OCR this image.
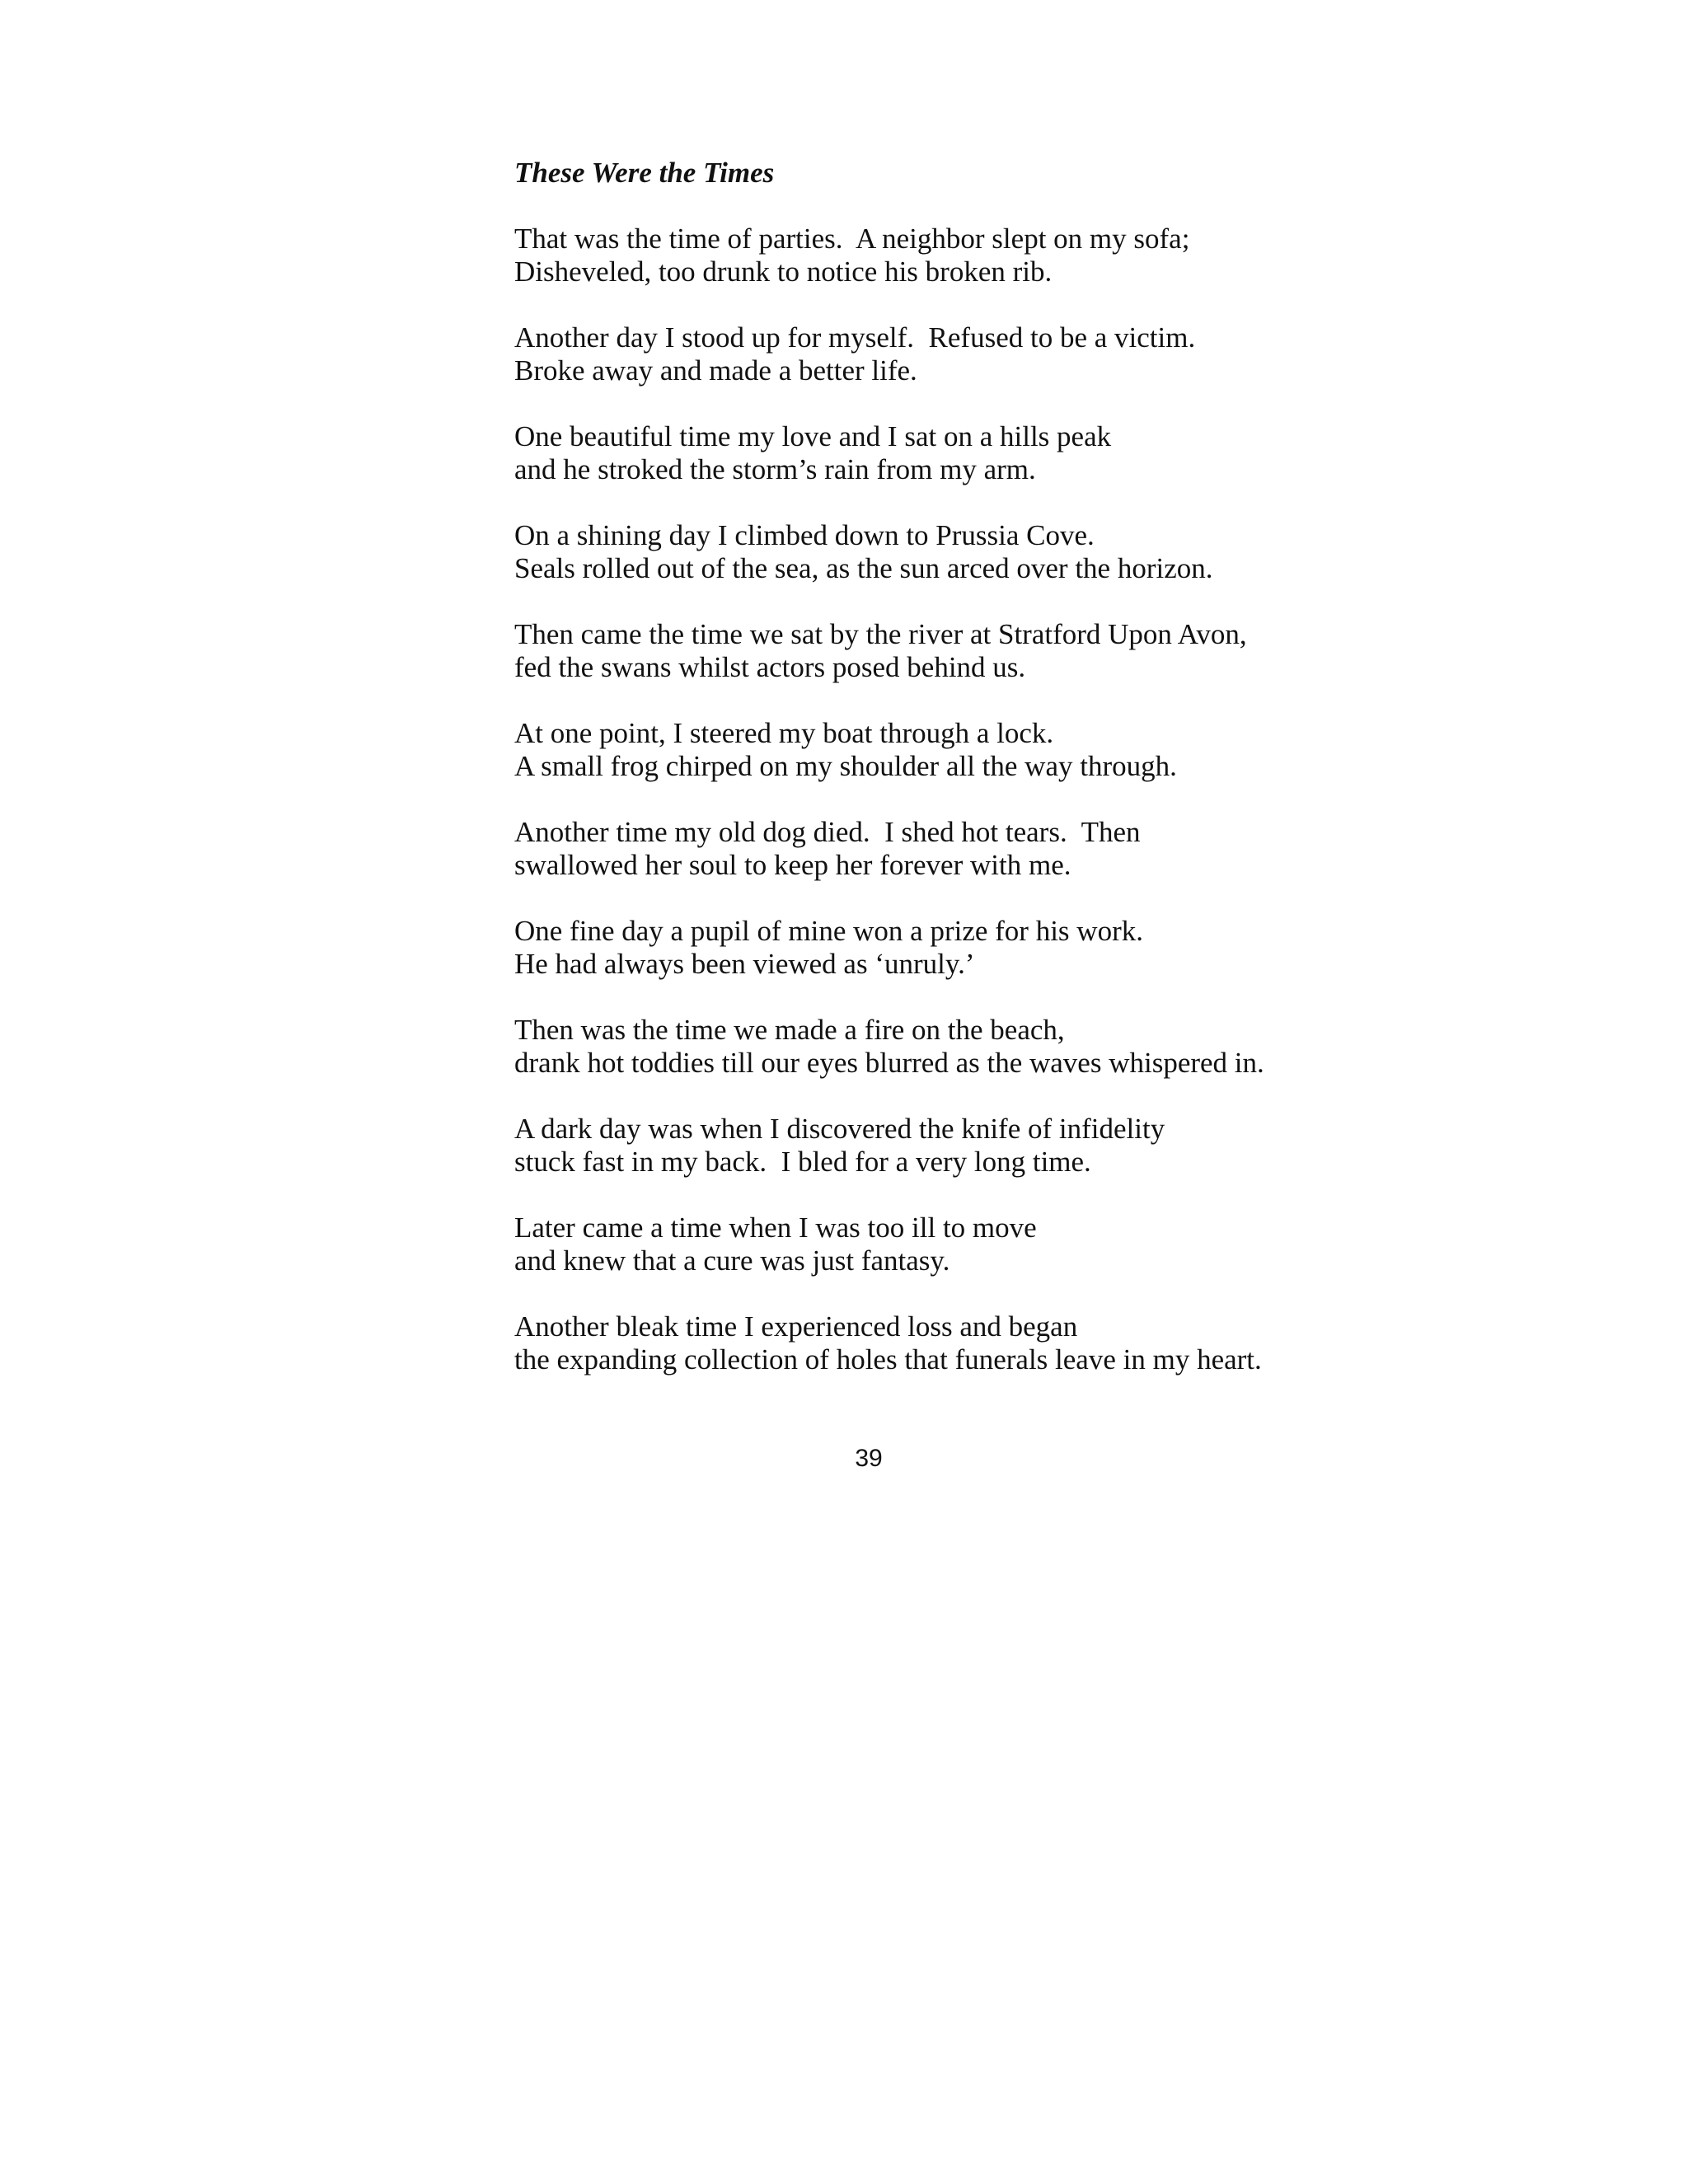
These Were the Times
That was the time of parties.  A neighbor slept on my sofa;
Disheveled, too drunk to notice his broken rib.
Another day I stood up for myself.  Refused to be a victim.
Broke away and made a better life.
One beautiful time my love and I sat on a hills peak
and he stroked the storm’s rain from my arm.
On a shining day I climbed down to Prussia Cove.
Seals rolled out of the sea, as the sun arced over the horizon.
Then came the time we sat by the river at Stratford Upon Avon,
fed the swans whilst actors posed behind us.
At one point, I steered my boat through a lock.
A small frog chirped on my shoulder all the way through.
Another time my old dog died.  I shed hot tears.  Then
swallowed her soul to keep her forever with me.
One fine day a pupil of mine won a prize for his work.
He had always been viewed as ‘unruly.’
Then was the time we made a fire on the beach,
drank hot toddies till our eyes blurred as the waves whispered in.
A dark day was when I discovered the knife of infidelity
stuck fast in my back.  I bled for a very long time.
Later came a time when I was too ill to move
and knew that a cure was just fantasy.
Another bleak time I experienced loss and began
the expanding collection of holes that funerals leave in my heart.
39
